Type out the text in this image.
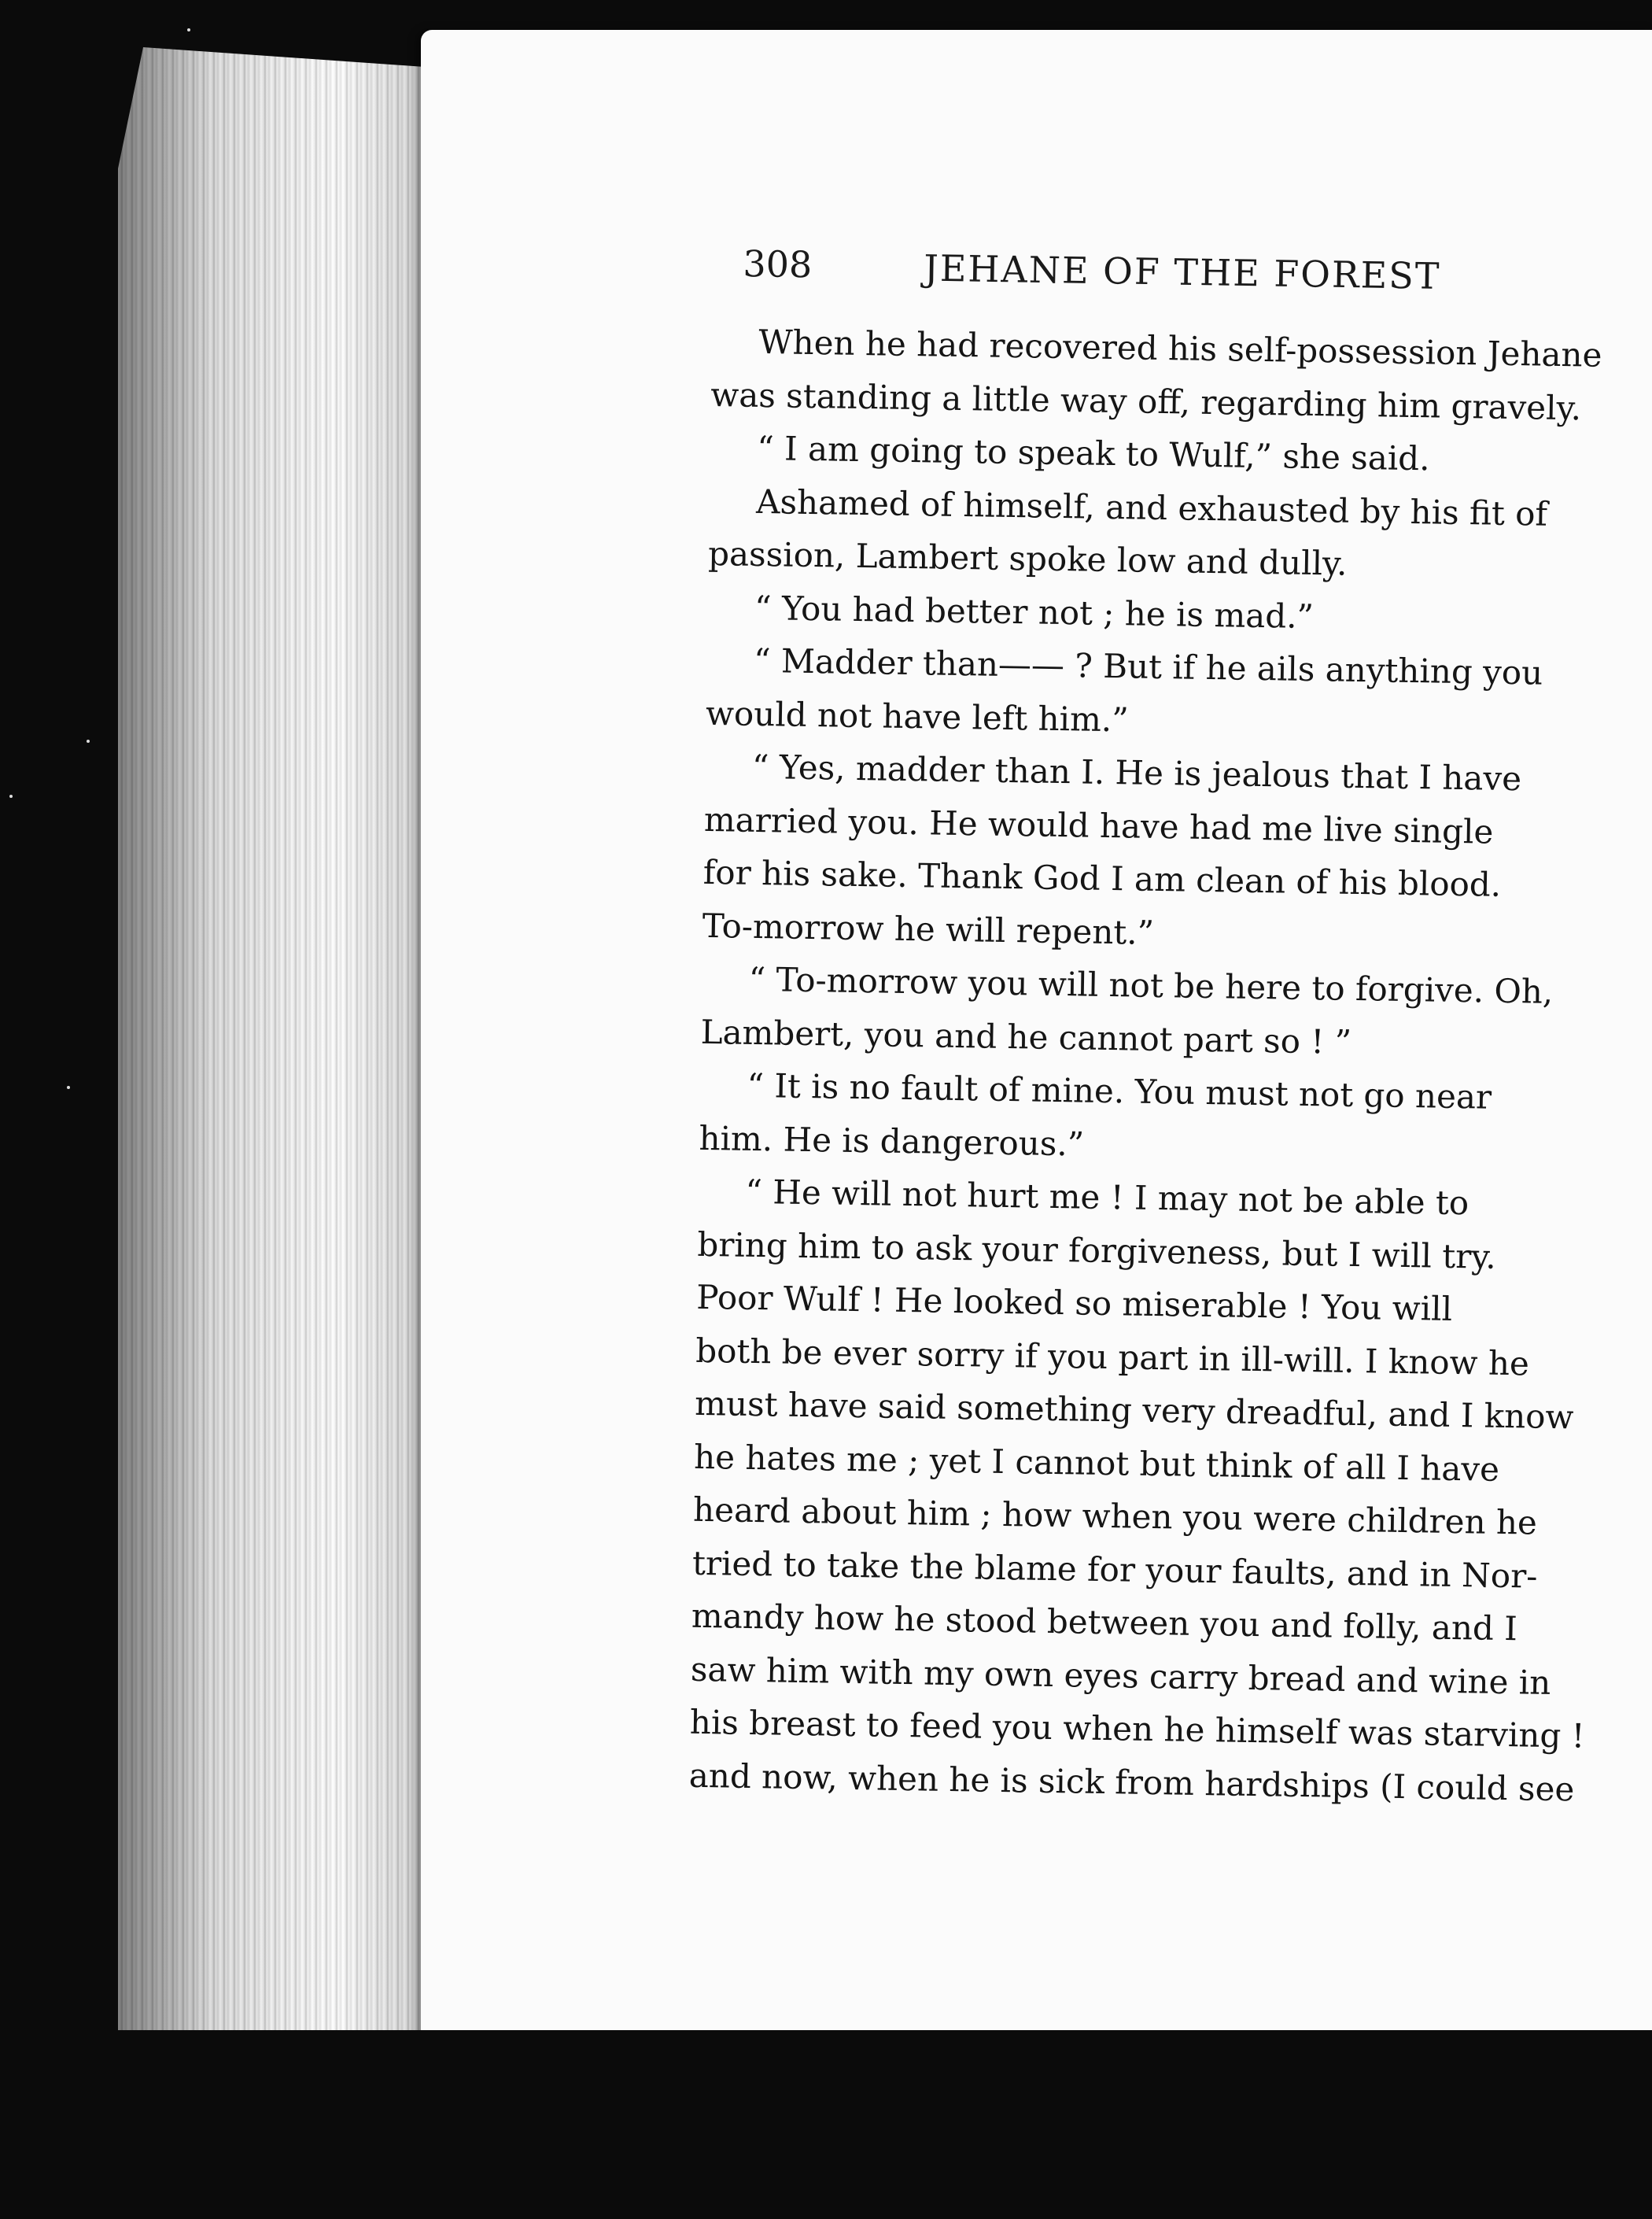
308	JEHANE OF THE FOREST
When he had recovered his self-possession Jehane
was standing a little way off, regarding him gravely.
“ I am going to speak to Wulf,” she said.
Ashamed of himself, and exhausted by his fit of
passion, Lambert spoke low and dully.
“ You had better not ; he is mad.”
“ Madder than—— ? But if he ails anything you
would not have left him.”
“ Yes, madder than I. He is jealous that I have
married you. He would have had me live single
for his sake. Thank God I am clean of his blood.
To-morrow he will repent.”
“ To-morrow you will not be here to forgive. Oh,
Lambert, you and he cannot part so ! ”
“ It is no fault of mine. You must not go near
him. He is dangerous.”
“ He will not hurt me ! I may not be able to
bring him to ask your forgiveness, but I will try.
Poor Wulf ! He looked so miserable ! You will
both be ever sorry if you part in ill-will. I know he
must have said something very dreadful, and I know
he hates me ; yet I cannot but think of all I have
heard about him ; how when you were children he
tried to take the blame for your faults, and in Nor-
mandy how he stood between you and folly, and I
saw him with my own eyes carry bread and wine in
his breast to feed you when he himself was starving !
and now, when he is sick from hardships (I could see
